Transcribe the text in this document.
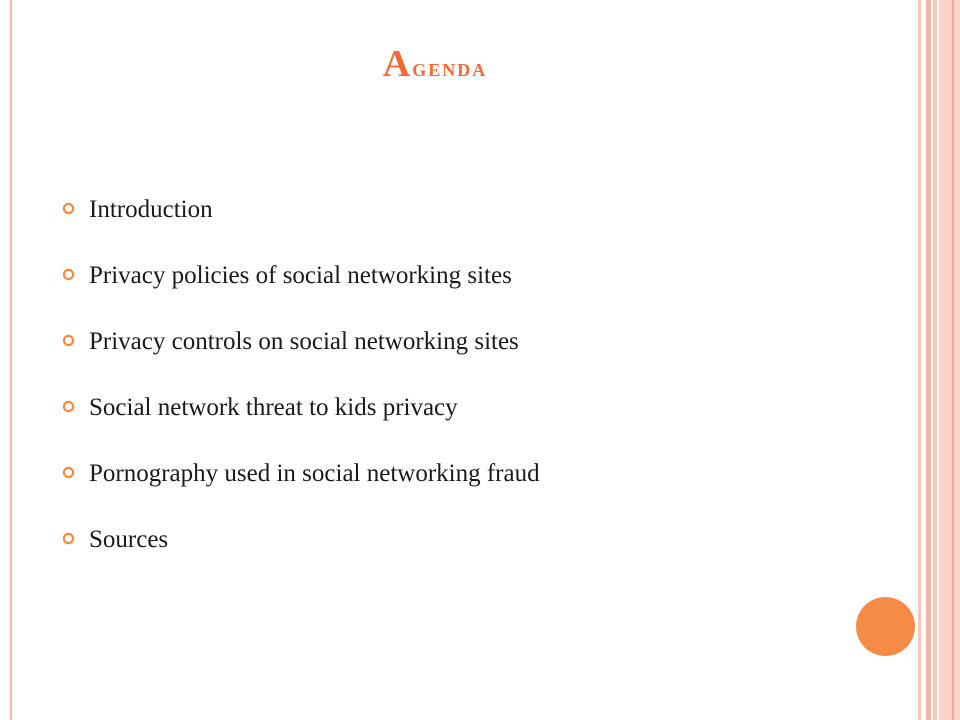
Agenda
Introduction
Privacy policies of social networking sites
Privacy controls on social networking sites
Social network threat to kids privacy
Pornography used in social networking fraud
Sources
